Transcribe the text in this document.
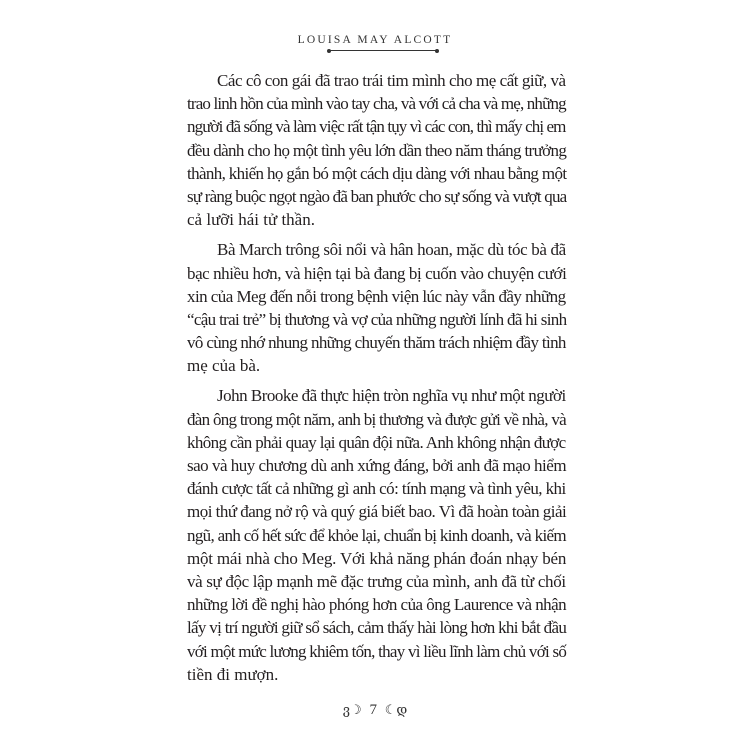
LOUISA MAY ALCOTT
Các cô con gái đã trao trái tim mình cho mẹ cất giữ, và
trao linh hồn của mình vào tay cha, và với cả cha và mẹ, những
người đã sống và làm việc rất tận tụy vì các con, thì mấy chị em
đều dành cho họ một tình yêu lớn dần theo năm tháng trưởng
thành, khiến họ gắn bó một cách dịu dàng với nhau bằng một
sự ràng buộc ngọt ngào đã ban phước cho sự sống và vượt qua
cả lưỡi hái tử thần.
Bà March trông sôi nổi và hân hoan, mặc dù tóc bà đã
bạc nhiều hơn, và hiện tại bà đang bị cuốn vào chuyện cưới
xin của Meg đến nỗi trong bệnh viện lúc này vẫn đầy những
“cậu trai trẻ” bị thương và vợ của những người lính đã hi sinh
vô cùng nhớ nhung những chuyến thăm trách nhiệm đầy tình
mẹ của bà.
John Brooke đã thực hiện tròn nghĩa vụ như một người
đàn ông trong một năm, anh bị thương và được gửi về nhà, và
không cần phải quay lại quân đội nữa. Anh không nhận được
sao và huy chương dù anh xứng đáng, bởi anh đã mạo hiểm
đánh cược tất cả những gì anh có: tính mạng và tình yêu, khi
mọi thứ đang nở rộ và quý giá biết bao. Vì đã hoàn toàn giải
ngũ, anh cố hết sức để khỏe lại, chuẩn bị kinh doanh, và kiếm
một mái nhà cho Meg. Với khả năng phán đoán nhạy bén
và sự độc lập mạnh mẽ đặc trưng của mình, anh đã từ chối
những lời đề nghị hào phóng hơn của ông Laurence và nhận
lấy vị trí người giữ sổ sách, cảm thấy hài lòng hơn khi bắt đầu
với một mức lương khiêm tốn, thay vì liều lĩnh làm chủ với số
tiền đi mượn.
ვ☽ 7 ☾დ
